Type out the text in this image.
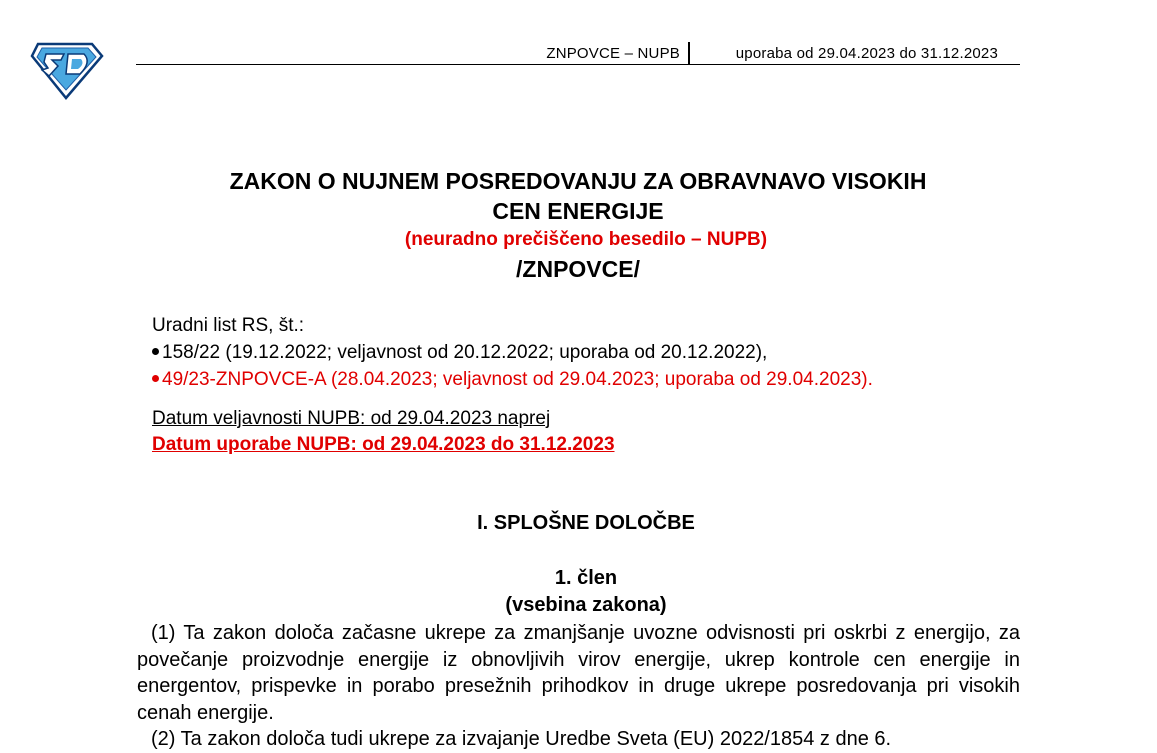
ZNPOVCE – NUPB	uporaba od 29.04.2023 do 31.12.2023
ZAKON O NUJNEM POSREDOVANJU ZA OBRAVNAVO VISOKIH
CEN ENERGIJE
(neuradno prečiščeno besedilo – NUPB)
/ZNPOVCE/
Uradni list RS, št.:
158/22 (19.12.2022; veljavnost od 20.12.2022; uporaba od 20.12.2022),
49/23-ZNPOVCE-A (28.04.2023; veljavnost od 29.04.2023; uporaba od 29.04.2023).
Datum veljavnosti NUPB: od 29.04.2023 naprej
Datum uporabe NUPB: od 29.04.2023 do 31.12.2023
I. SPLOŠNE DOLOČBE
1. člen
(vsebina zakona)
(1) Ta zakon določa začasne ukrepe za zmanjšanje uvozne odvisnosti pri oskrbi z energijo, za povečanje proizvodnje energije iz obnovljivih virov energije, ukrep kontrole cen energije in energentov, prispevke in porabo presežnih prihodkov in druge ukrepe posredovanja pri visokih cenah energije.
(2) Ta zakon določa tudi ukrepe za izvajanje Uredbe Sveta (EU) 2022/1854 z dne 6.
